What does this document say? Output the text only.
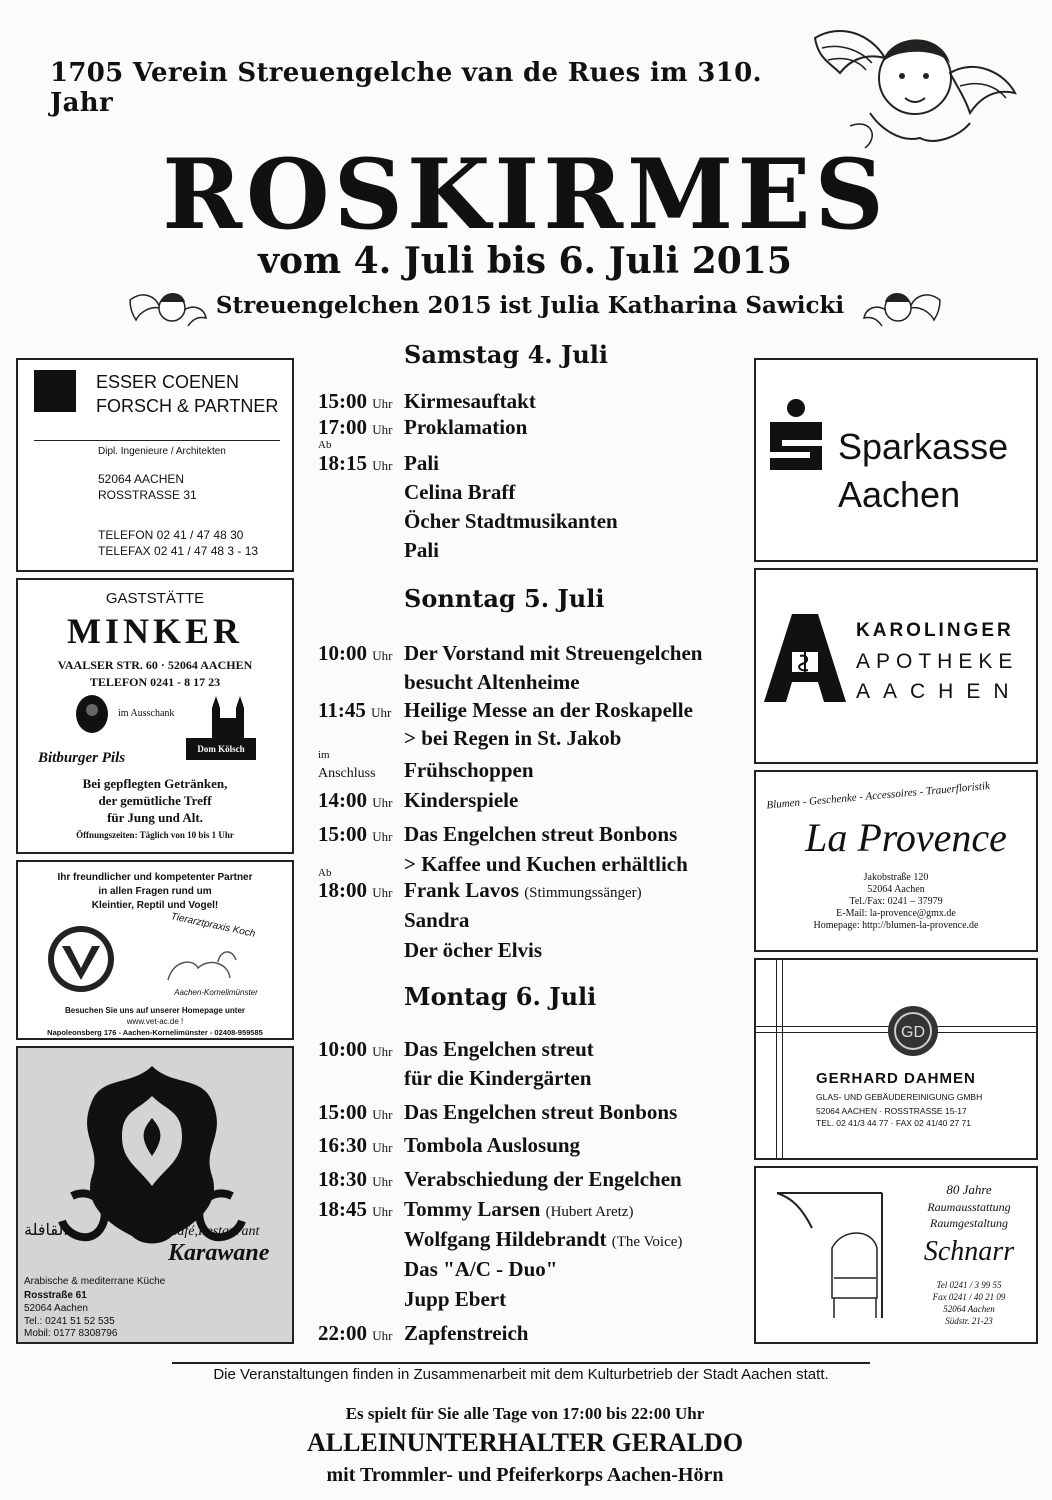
1705 Verein Streuengelche van de Rues im 310. Jahr
ROSKIRMES
vom 4. Juli bis 6. Juli 2015
Streuengelchen 2015 ist Julia Katharina Sawicki
Samstag 4. Juli
15:00 Uhr Kirmesauftakt
17:00 Uhr Proklamation
Ab
18:15 Uhr Pali
Celina Braff
Öcher Stadtmusikanten
Pali
Sonntag 5. Juli
10:00 Uhr Der Vorstand mit Streuengelchen
besucht Altenheime
11:45 Uhr Heilige Messe an der Roskapelle
> bei Regen in St. Jakob
im
Anschluss	Frühschoppen
14:00 Uhr Kinderspiele
15:00 Uhr Das Engelchen streut Bonbons
> Kaffee und Kuchen erhältlich
Ab
18:00 Uhr Frank Lavos (Stimmungssänger)
Sandra
Der öcher Elvis
Montag 6. Juli
10:00 Uhr Das Engelchen streut
für die Kindergärten
15:00 Uhr Das Engelchen streut Bonbons
16:30 Uhr Tombola Auslosung
18:30 Uhr Verabschiedung der Engelchen
18:45 Uhr Tommy Larsen (Hubert Aretz)
Wolfgang Hildebrandt (The Voice)
Das "A/C - Duo"
Jupp Ebert
22:00 Uhr Zapfenstreich
ESSER COENEN
FORSCH & PARTNER
Dipl. Ingenieure / Architekten
52064 AACHEN
ROSSTRASSE 31
TELEFON 02 41 / 47 48 30
TELEFAX 02 41 / 47 48 3 - 13
GASTSTÄTTE
MINKER
VAALSER STR. 60 · 52064 AACHEN
TELEFON 0241 - 8 17 23
im Ausschank
Bitburger Pils
Dom Kölsch
Bei gepflegten Getränken,
der gemütliche Treff
für Jung und Alt.
Öffnungszeiten: Täglich von 10 bis 1 Uhr
Ihr freundlicher und kompetenter Partner
in allen Fragen rund um
Kleintier, Reptil und Vogel!
Tierarztpraxis Koch
Aachen-Kornelimünster
Besuchen Sie uns auf unserer Homepage unter
www.vet-ac.de !
Napoleonsberg 176 - Aachen-Kornelimünster - 02408-959585
القافلة	Café,Restaurant
Karawane
Arabische & mediterrane Küche
Rosstraße 61
52064 Aachen
Tel.: 0241 51 52 535
Mobil: 0177 8308796
Sparkasse
Aachen
KAROLINGER
APOTHEKE
AACHEN
Blumen - Geschenke - Accessoires - Trauerfloristik
La Provence
Jakobstraße 120
52064 Aachen
Tel./Fax: 0241 – 37979
E-Mail: la-provence@gmx.de
Homepage: http://blumen-la-provence.de
GD
GERHARD DAHMEN
GLAS- UND GEBÄUDEREINIGUNG GMBH
52064 AACHEN · ROSSTRASSE 15-17
TEL. 02 41/3 44 77 · FAX 02 41/40 27 71
80 Jahre
Raumausstattung
Raumgestaltung
Schnarr
Tel 0241 / 3 99 55
Fax 0241 / 40 21 09
52064 Aachen
Südstr. 21-23
Die Veranstaltungen finden in Zusammenarbeit mit dem Kulturbetrieb der Stadt Aachen statt.
Es spielt für Sie alle Tage von 17:00 bis 22:00 Uhr
ALLEINUNTERHALTER GERALDO
mit Trommler- und Pfeiferkorps Aachen-Hörn
